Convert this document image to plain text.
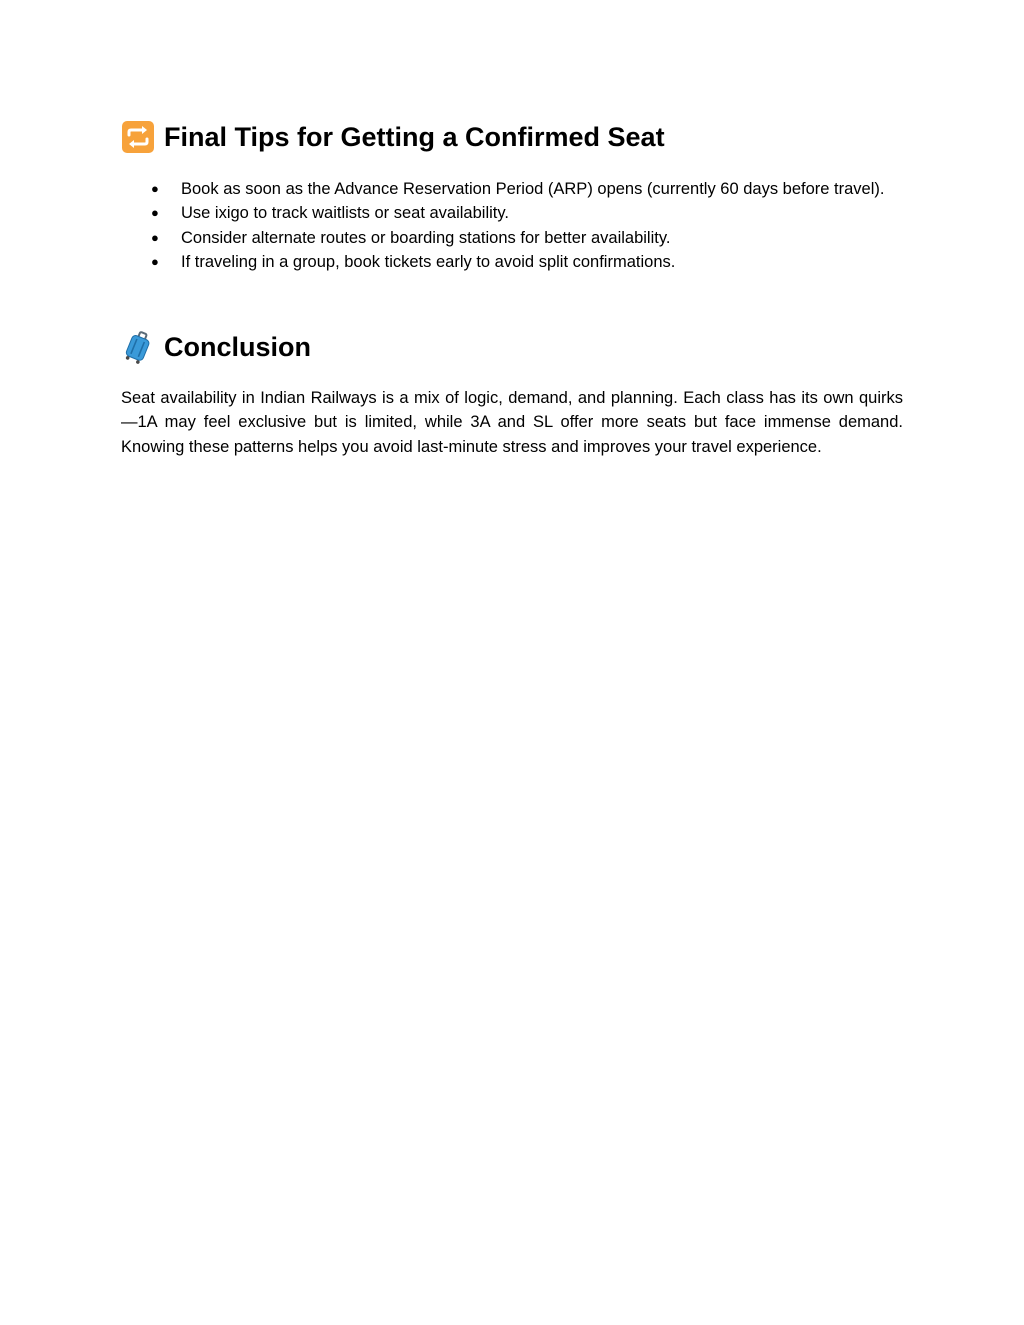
Final Tips for Getting a Confirmed Seat
● Book as soon as the Advance Reservation Period (ARP) opens (currently 60 days before travel).
● Use ixigo to track waitlists or seat availability.
● Consider alternate routes or boarding stations for better availability.
● If traveling in a group, book tickets early to avoid split confirmations.
Conclusion

Seat availability in Indian Railways is a mix of logic, demand, and planning. Each class has its own quirks—1A may feel exclusive but is limited, while 3A and SL offer more seats but face immense demand. Knowing these patterns helps you avoid last-minute stress and improves your travel experience.
